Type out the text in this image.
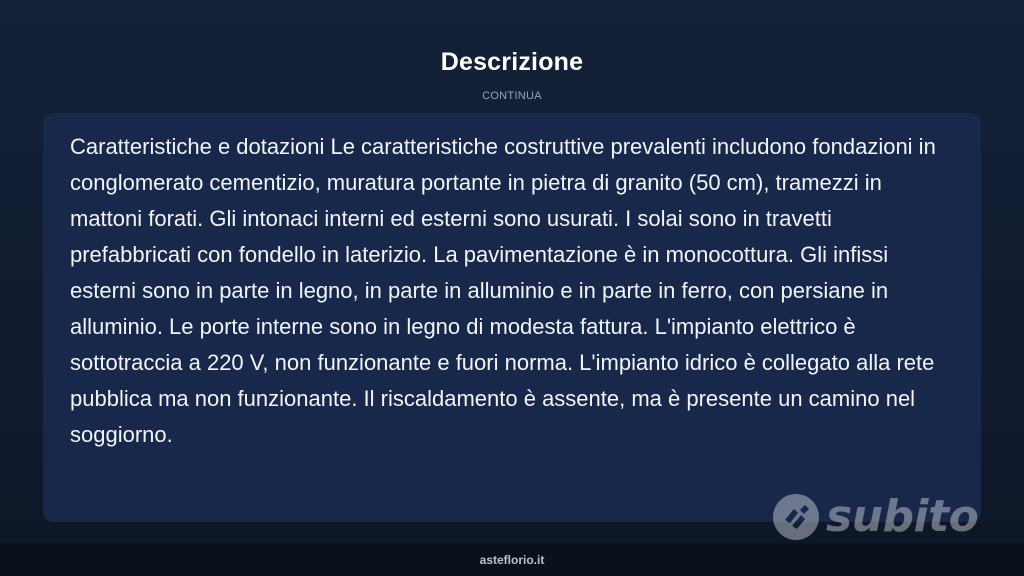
Descrizione
CONTINUA

Caratteristiche e dotazioni Le caratteristiche costruttive prevalenti includono fondazioni in conglomerato cementizio, muratura portante in pietra di granito (50 cm), tramezzi in mattoni forati. Gli intonaci interni ed esterni sono usurati. I solai sono in travetti prefabbricati con fondello in laterizio. La pavimentazione è in monocottura. Gli infissi esterni sono in parte in legno, in parte in alluminio e in parte in ferro, con persiane in alluminio. Le porte interne sono in legno di modesta fattura. L'impianto elettrico è sottotraccia a 220 V, non funzionante e fuori norma. L'impianto idrico è collegato alla rete pubblica ma non funzionante. Il riscaldamento è assente, ma è presente un camino nel soggiorno.

subito
asteflorio.it
